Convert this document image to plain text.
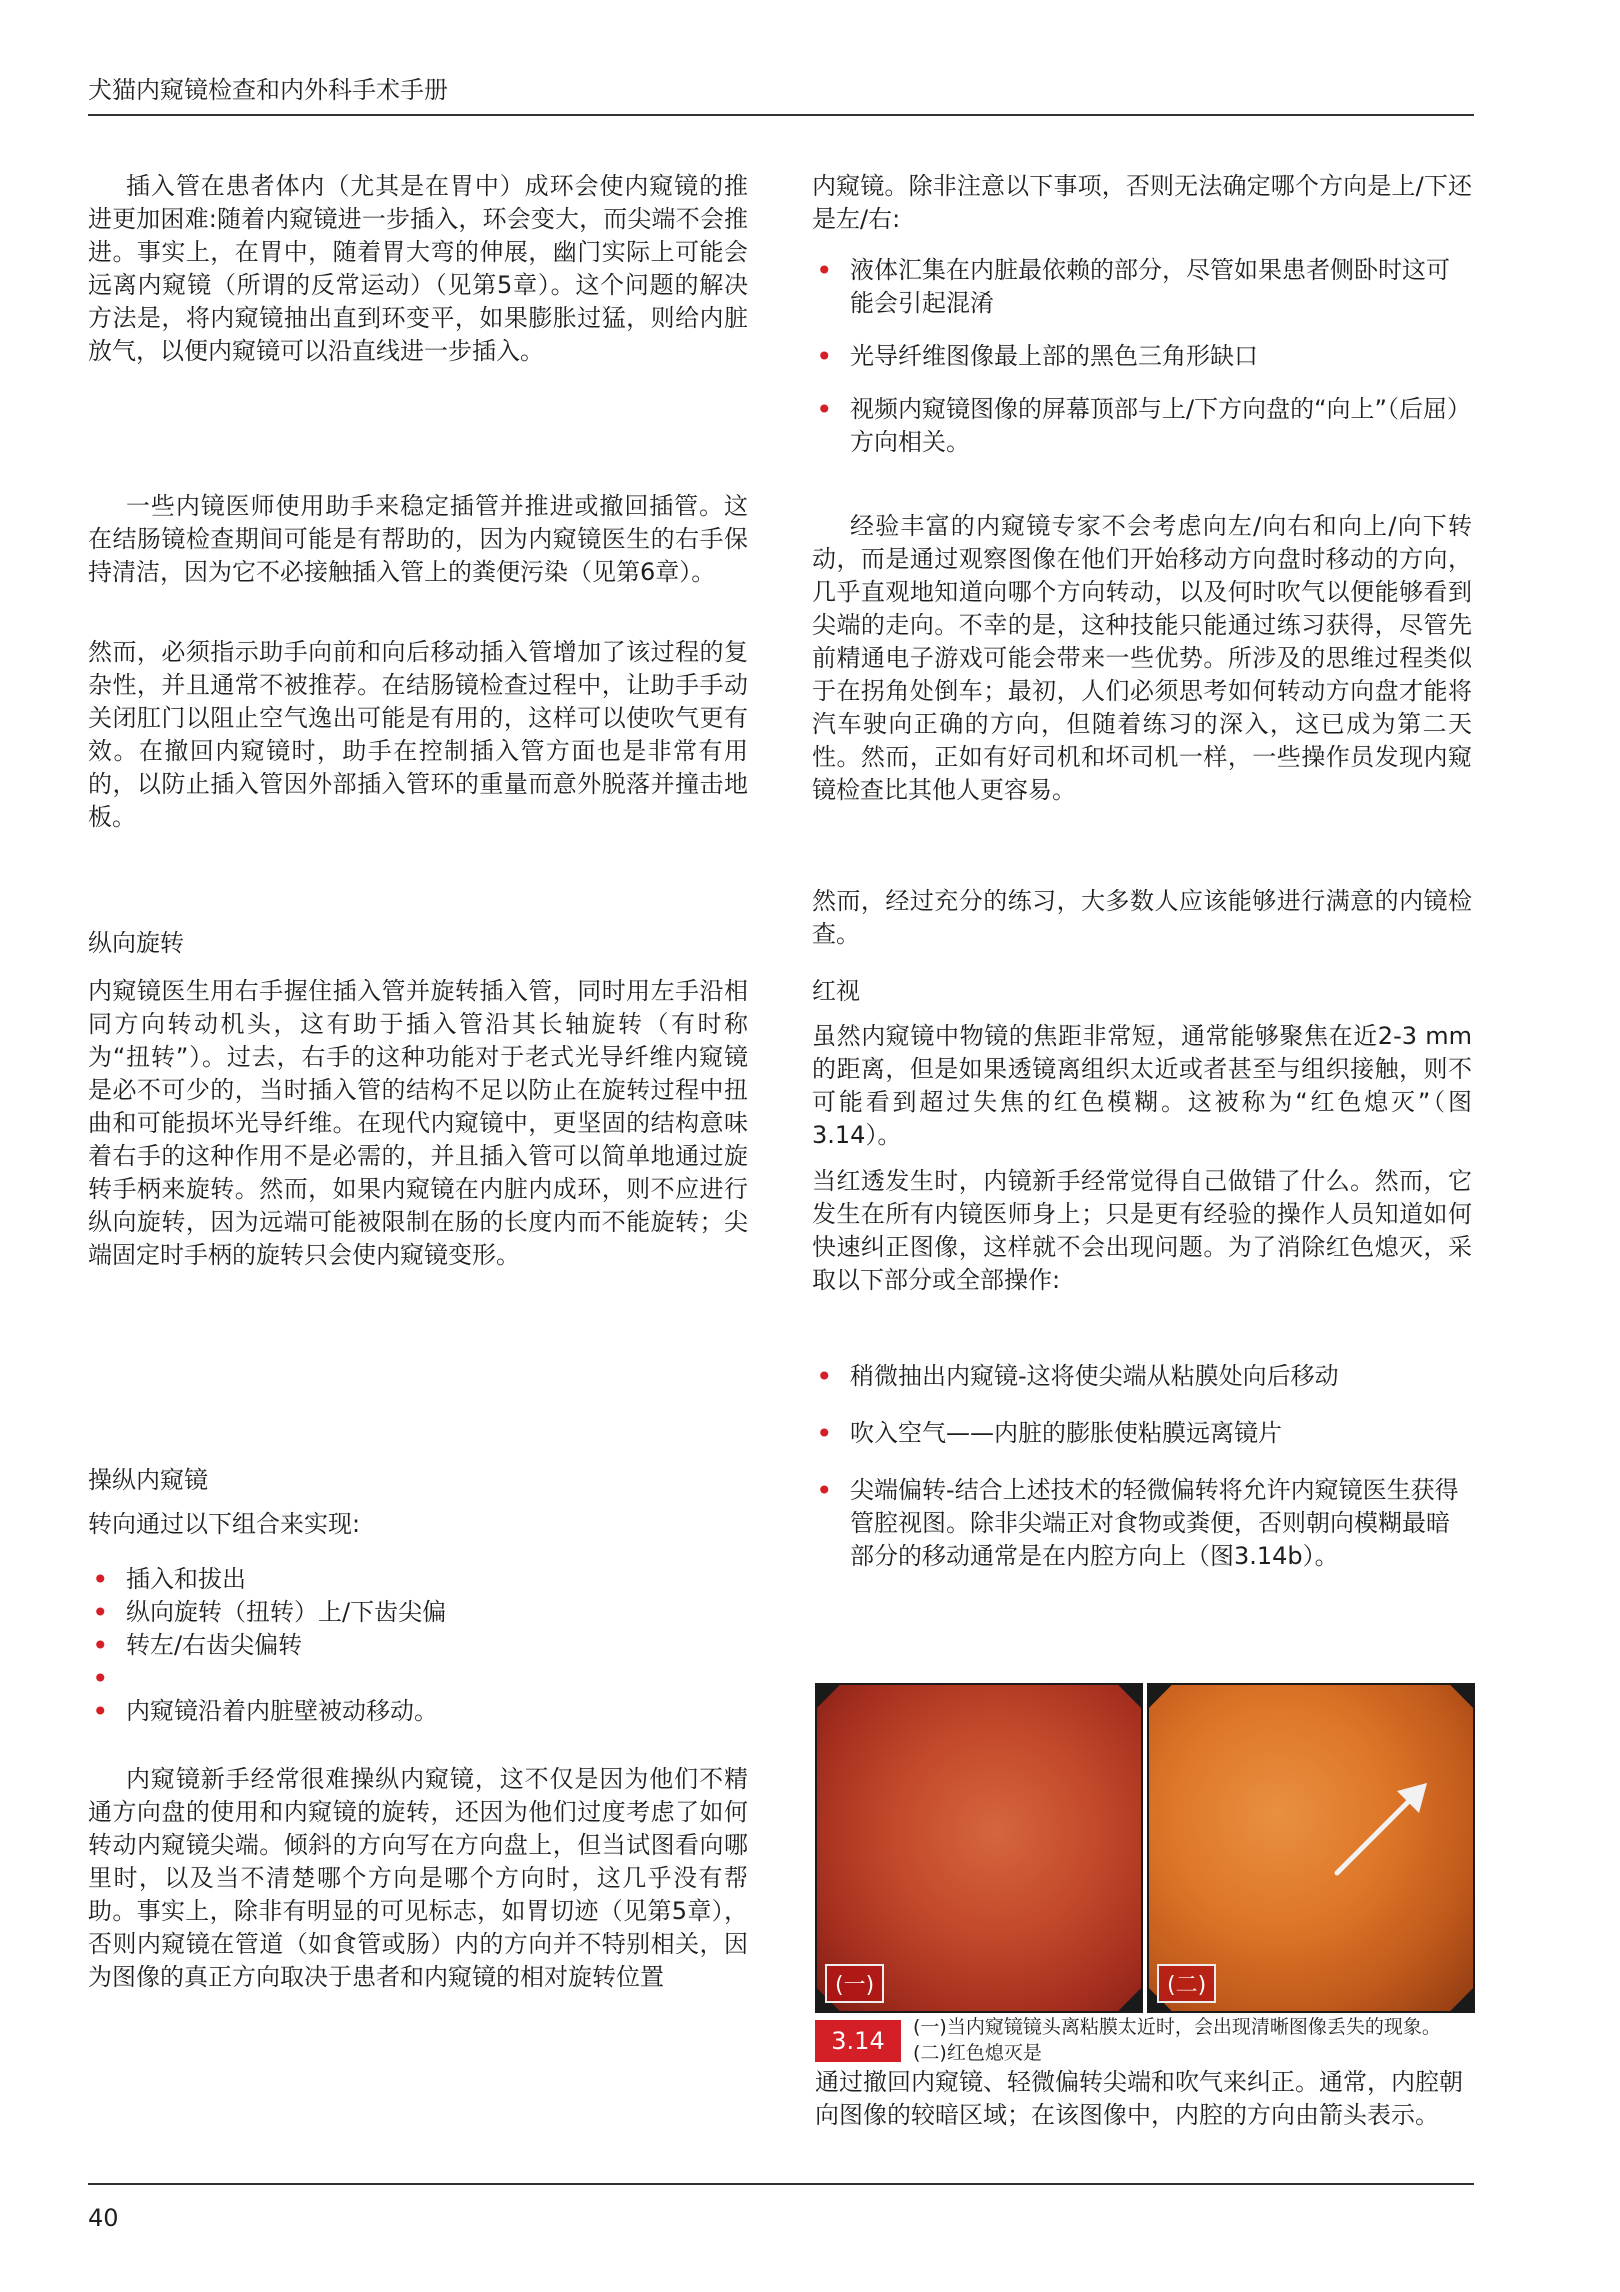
犬猫内窥镜检查和内外科手术手册

插入管在患者体内（尤其是在胃中）成环会使内窥镜的推进更加困难:随着内窥镜进一步插入，环会变大，而尖端不会推进。事实上，在胃中，随着胃大弯的伸展，幽门实际上可能会远离内窥镜（所谓的反常运动）（见第5章）。这个问题的解决方法是，将内窥镜抽出直到环变平，如果膨胀过猛，则给内脏放气，以便内窥镜可以沿直线进一步插入。

一些内镜医师使用助手来稳定插管并推进或撤回插管。这在结肠镜检查期间可能是有帮助的，因为内窥镜医生的右手保持清洁，因为它不必接触插入管上的粪便污染（见第6章）。

然而，必须指示助手向前和向后移动插入管增加了该过程的复杂性，并且通常不被推荐。在结肠镜检查过程中，让助手手动关闭肛门以阻止空气逸出可能是有用的，这样可以使吹气更有效。在撤回内窥镜时，助手在控制插入管方面也是非常有用的，以防止插入管因外部插入管环的重量而意外脱落并撞击地板。

纵向旋转

内窥镜医生用右手握住插入管并旋转插入管，同时用左手沿相同方向转动机头，这有助于插入管沿其长轴旋转（有时称为“扭转”）。过去，右手的这种功能对于老式光导纤维内窥镜是必不可少的，当时插入管的结构不足以防止在旋转过程中扭曲和可能损坏光导纤维。在现代内窥镜中，更坚固的结构意味着右手的这种作用不是必需的，并且插入管可以简单地通过旋转手柄来旋转。然而，如果内窥镜在内脏内成环，则不应进行纵向旋转，因为远端可能被限制在肠的长度内而不能旋转；尖端固定时手柄的旋转只会使内窥镜变形。

操纵内窥镜

转向通过以下组合来实现:

• 插入和拔出
• 纵向旋转（扭转）上/下齿尖偏
• 转左/右齿尖偏转
•
• 内窥镜沿着内脏壁被动移动。

内窥镜新手经常很难操纵内窥镜，这不仅是因为他们不精通方向盘的使用和内窥镜的旋转，还因为他们过度考虑了如何转动内窥镜尖端。倾斜的方向写在方向盘上，但当试图看向哪里时，以及当不清楚哪个方向是哪个方向时，这几乎没有帮助。事实上，除非有明显的可见标志，如胃切迹（见第5章），否则内窥镜在管道（如食管或肠）内的方向并不特别相关，因为图像的真正方向取决于患者和内窥镜的相对旋转位置

内窥镜。除非注意以下事项，否则无法确定哪个方向是上/下还是左/右:

• 液体汇集在内脏最依赖的部分，尽管如果患者侧卧时这可能会引起混淆
• 光导纤维图像最上部的黑色三角形缺口
• 视频内窥镜图像的屏幕顶部与上/下方向盘的“向上”（后屈）方向相关。

经验丰富的内窥镜专家不会考虑向左/向右和向上/向下转动，而是通过观察图像在他们开始移动方向盘时移动的方向，几乎直观地知道向哪个方向转动，以及何时吹气以便能够看到尖端的走向。不幸的是，这种技能只能通过练习获得，尽管先前精通电子游戏可能会带来一些优势。所涉及的思维过程类似于在拐角处倒车；最初，人们必须思考如何转动方向盘才能将汽车驶向正确的方向，但随着练习的深入，这已成为第二天性。然而，正如有好司机和坏司机一样，一些操作员发现内窥镜检查比其他人更容易。

然而，经过充分的练习，大多数人应该能够进行满意的内镜检查。

红视

虽然内窥镜中物镜的焦距非常短，通常能够聚焦在近2-3 mm的距离，但是如果透镜离组织太近或者甚至与组织接触，则不可能看到超过失焦的红色模糊。这被称为“红色熄灭”（图3.14）。

当红透发生时，内镜新手经常觉得自己做错了什么。然而，它发生在所有内镜医师身上；只是更有经验的操作人员知道如何快速纠正图像，这样就不会出现问题。为了消除红色熄灭，采取以下部分或全部操作:

• 稍微抽出内窥镜-这将使尖端从粘膜处向后移动
• 吹入空气——内脏的膨胀使粘膜远离镜片
• 尖端偏转-结合上述技术的轻微偏转将允许内窥镜医生获得管腔视图。除非尖端正对食物或粪便，否则朝向模糊最暗部分的移动通常是在内腔方向上（图3.14b）。
(一)	(二)
3.14	(一)当内窥镜镜头离粘膜太近时，会出现清晰图像丢失的现象。(二)红色熄灭是
通过撤回内窥镜、轻微偏转尖端和吹气来纠正。通常，内腔朝向图像的较暗区域；在该图像中，内腔的方向由箭头表示。
40
